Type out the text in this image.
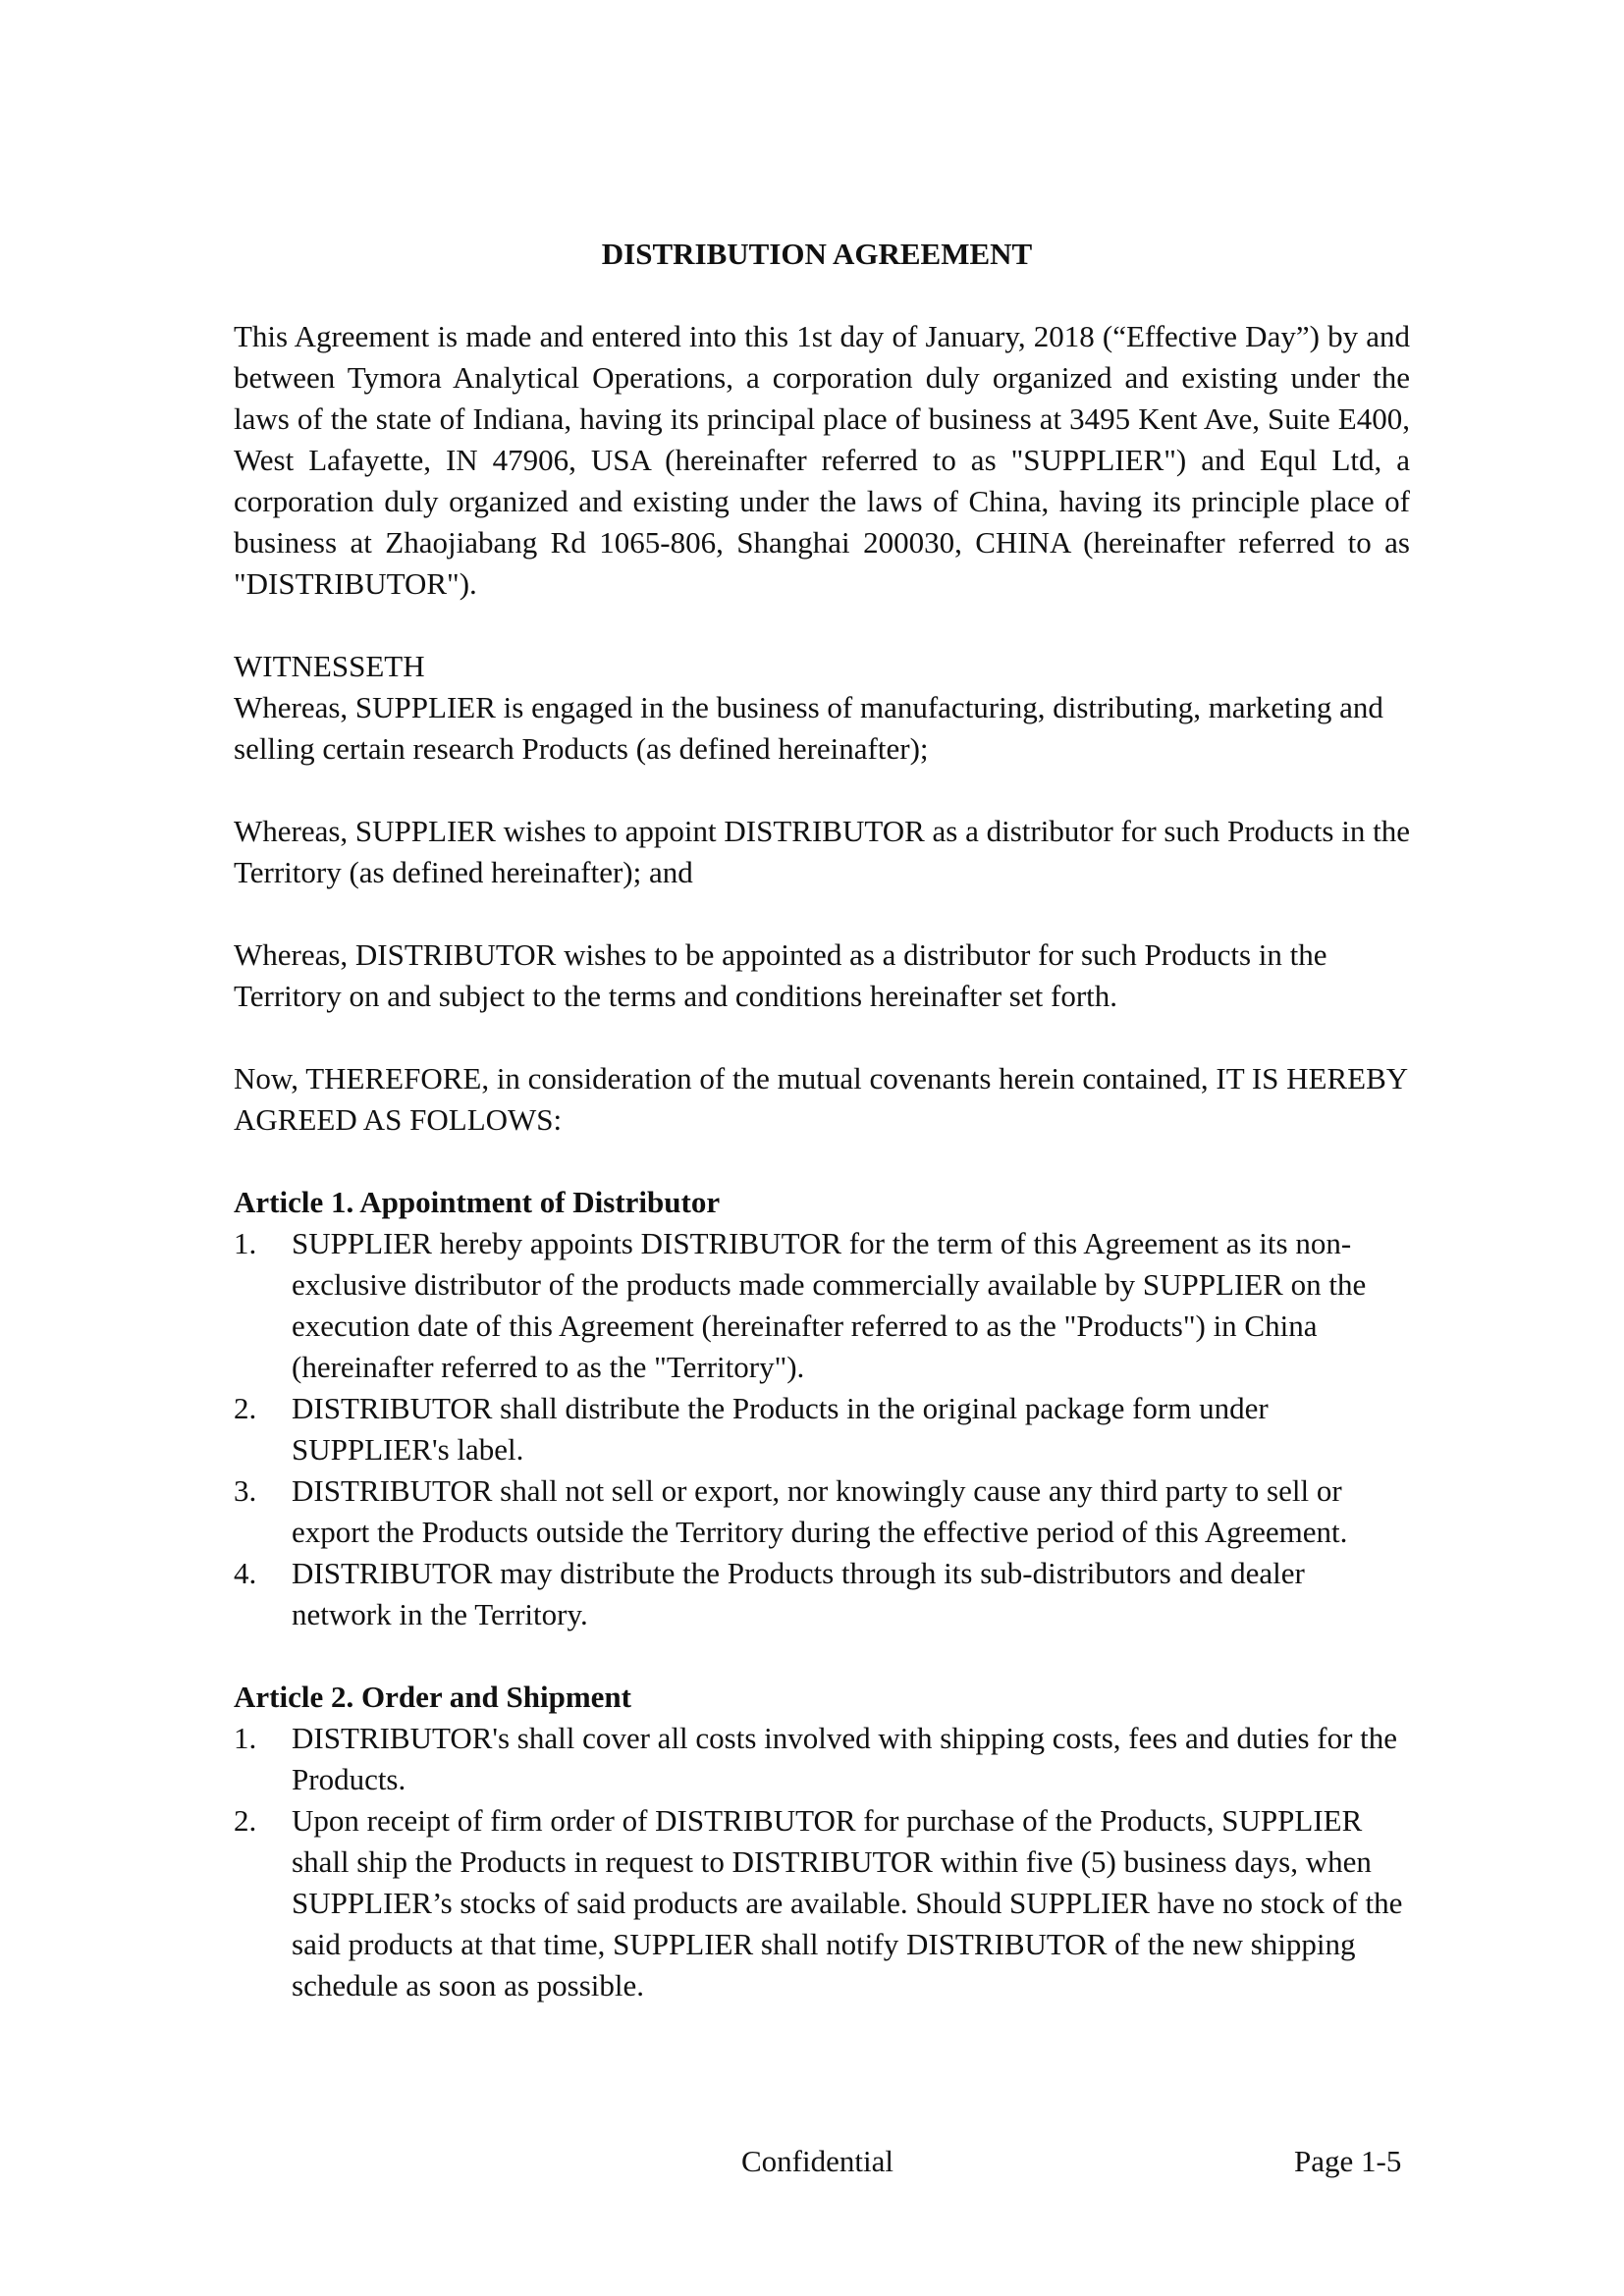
DISTRIBUTION AGREEMENT

This Agreement is made and entered into this 1st day of January, 2018 (“Effective Day”) by and between Tymora Analytical Operations, a corporation duly organized and existing under the laws of the state of Indiana, having its principal place of business at 3495 Kent Ave, Suite E400, West Lafayette, IN 47906, USA (hereinafter referred to as "SUPPLIER") and Equl Ltd, a corporation duly organized and existing under the laws of China, having its principle place of business at Zhaojiabang Rd 1065-806, Shanghai 200030, CHINA (hereinafter referred to as "DISTRIBUTOR").

WITNESSETH

Whereas, SUPPLIER is engaged in the business of manufacturing, distributing, marketing and selling certain research Products (as defined hereinafter);

Whereas, SUPPLIER wishes to appoint DISTRIBUTOR as a distributor for such Products in the Territory (as defined hereinafter); and

Whereas, DISTRIBUTOR wishes to be appointed as a distributor for such Products in the Territory on and subject to the terms and conditions hereinafter set forth.

Now, THEREFORE, in consideration of the mutual covenants herein contained, IT IS HEREBY AGREED AS FOLLOWS:

Article 1. Appointment of Distributor

1. SUPPLIER hereby appoints DISTRIBUTOR for the term of this Agreement as its non-exclusive distributor of the products made commercially available by SUPPLIER on the execution date of this Agreement (hereinafter referred to as the "Products") in China (hereinafter referred to as the "Territory").
2. DISTRIBUTOR shall distribute the Products in the original package form under SUPPLIER's label.
3. DISTRIBUTOR shall not sell or export, nor knowingly cause any third party to sell or export the Products outside the Territory during the effective period of this Agreement.
4. DISTRIBUTOR may distribute the Products through its sub-distributors and dealer network in the Territory.

Article 2. Order and Shipment

1. DISTRIBUTOR's shall cover all costs involved with shipping costs, fees and duties for the Products.
2. Upon receipt of firm order of DISTRIBUTOR for purchase of the Products, SUPPLIER shall ship the Products in request to DISTRIBUTOR within five (5) business days, when SUPPLIER’s stocks of said products are available. Should SUPPLIER have no stock of the said products at that time, SUPPLIER shall notify DISTRIBUTOR of the new shipping schedule as soon as possible.
Confidential	Page 1-5
